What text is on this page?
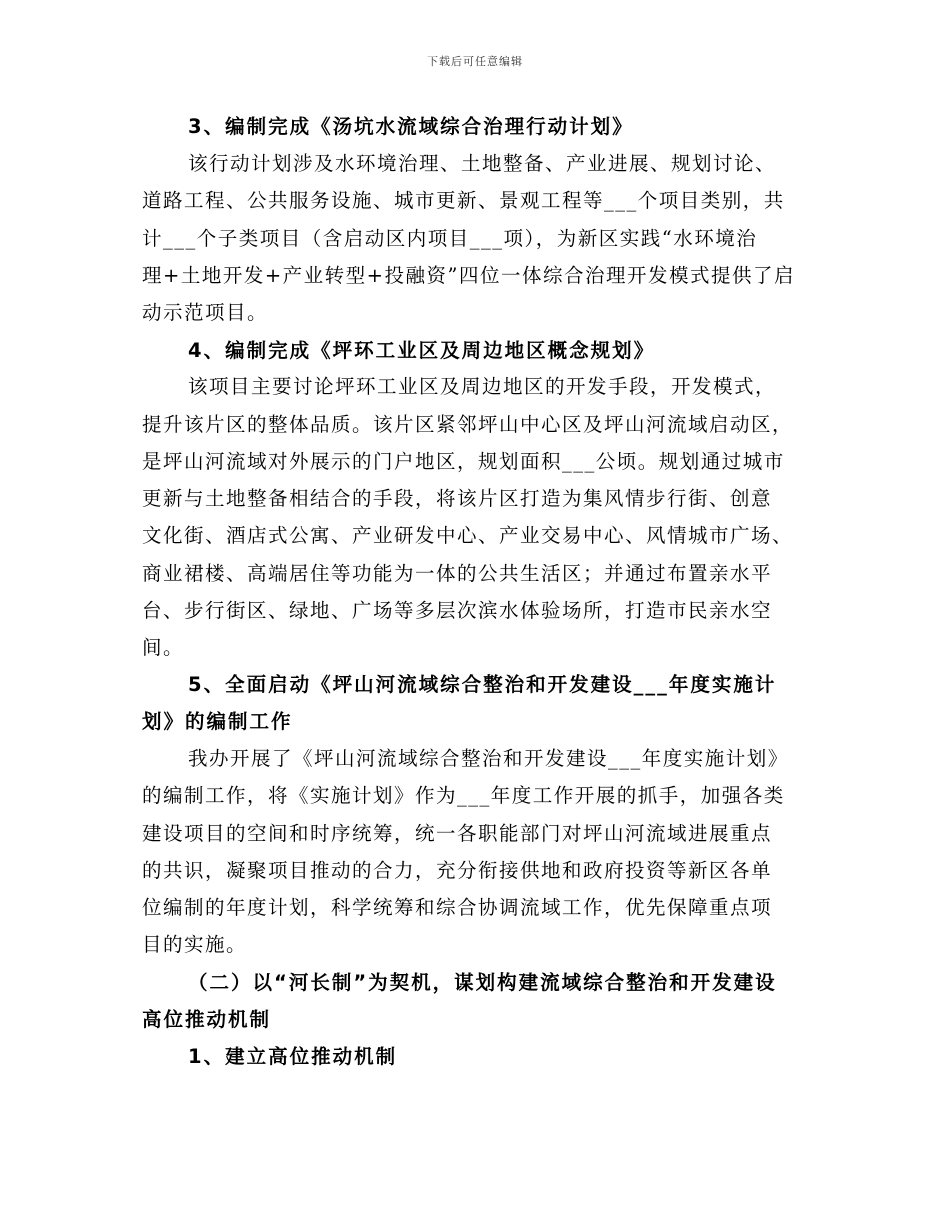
下载后可任意编辑
3、编制完成《汤坑水流域综合治理行动计划》
该行动计划涉及水环境治理、土地整备、产业进展、规划讨论、
道路工程、公共服务设施、城市更新、景观工程等___个项目类别，共
计___个子类项目（含启动区内项目___项），为新区实践“水环境治
理+土地开发+产业转型+投融资”四位一体综合治理开发模式提供了启
动示范项目。
4、编制完成《坪环工业区及周边地区概念规划》
该项目主要讨论坪环工业区及周边地区的开发手段，开发模式，
提升该片区的整体品质。该片区紧邻坪山中心区及坪山河流域启动区，
是坪山河流域对外展示的门户地区，规划面积___公顷。规划通过城市
更新与土地整备相结合的手段，将该片区打造为集风情步行街、创意
文化街、酒店式公寓、产业研发中心、产业交易中心、风情城市广场、
商业裙楼、高端居住等功能为一体的公共生活区；并通过布置亲水平
台、步行街区、绿地、广场等多层次滨水体验场所，打造市民亲水空
间。
5、全面启动《坪山河流域综合整治和开发建设___年度实施计
划》的编制工作
我办开展了《坪山河流域综合整治和开发建设___年度实施计划》
的编制工作，将《实施计划》作为___年度工作开展的抓手，加强各类
建设项目的空间和时序统筹，统一各职能部门对坪山河流域进展重点
的共识，凝聚项目推动的合力，充分衔接供地和政府投资等新区各单
位编制的年度计划，科学统筹和综合协调流域工作，优先保障重点项
目的实施。
（二）以“河长制”为契机，谋划构建流域综合整治和开发建设
高位推动机制
1、建立高位推动机制
